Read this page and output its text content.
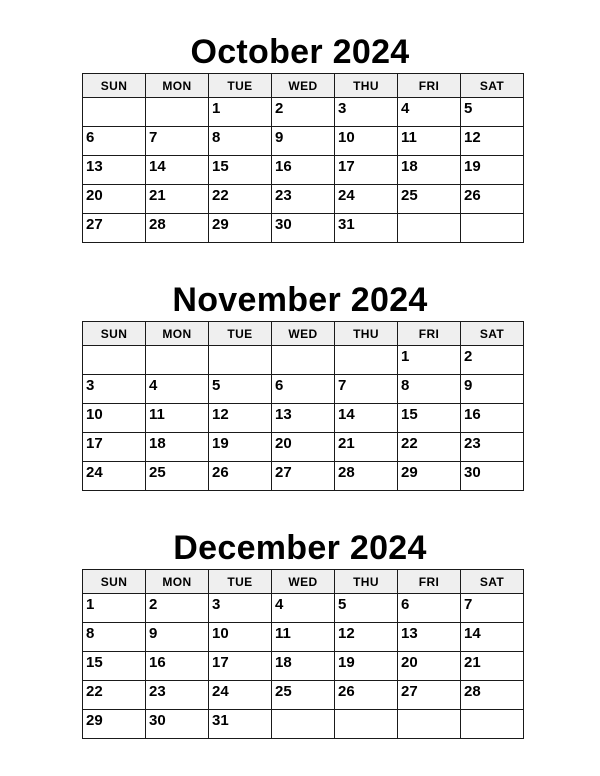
October 2024
SUN	MON	TUE	WED	THU	FRI	SAT
		1	2	3	4	5
6	7	8	9	10	11	12
13	14	15	16	17	18	19
20	21	22	23	24	25	26
27	28	29	30	31		
November 2024
SUN	MON	TUE	WED	THU	FRI	SAT
					1	2
3	4	5	6	7	8	9
10	11	12	13	14	15	16
17	18	19	20	21	22	23
24	25	26	27	28	29	30
December 2024
SUN	MON	TUE	WED	THU	FRI	SAT
1	2	3	4	5	6	7
8	9	10	11	12	13	14
15	16	17	18	19	20	21
22	23	24	25	26	27	28
29	30	31				
